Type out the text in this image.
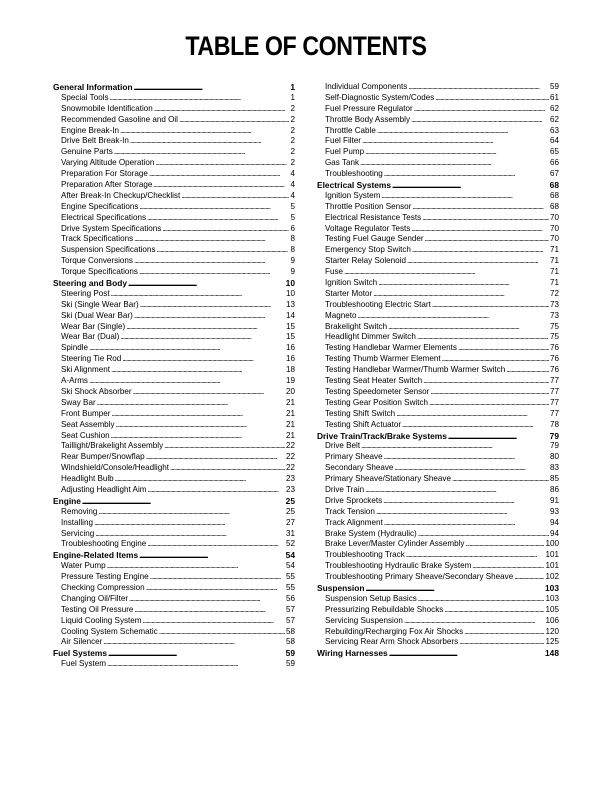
TABLE OF CONTENTS
General Information . . .	1
Special Tools . . .	1
Snowmobile Identification . . .	2
Recommended Gasoline and Oil . . .	2
Engine Break-In . . .	2
Drive Belt Break-In . . .	2
Genuine Parts . . .	2
Varying Altitude Operation . . .	2
Preparation For Storage . . .	4
Preparation After Storage . . .	4
After Break-In Checkup/Checklist . . .	4
Engine Specifications . . .	5
Electrical Specifications . . .	5
Drive System Specifications . . .	6
Track Specifications . . .	8
Suspension Specifications . . .	8
Torque Conversions . . .	9
Torque Specifications . . .	9
Steering and Body . . .	10
Steering Post . . .	10
Ski (Single Wear Bar) . . .	13
Ski (Dual Wear Bar) . . .	14
Wear Bar (Single) . . .	15
Wear Bar (Dual) . . .	15
Spindle . . .	16
Steering Tie Rod . . .	16
Ski Alignment . . .	18
A-Arms . . .	19
Ski Shock Absorber . . .	20
Sway Bar . . .	21
Front Bumper . . .	21
Seat Assembly . . .	21
Seat Cushion . . .	21
Taillight/Brakelight Assembly . . .	22
Rear Bumper/Snowflap . . .	22
Windshield/Console/Headlight . . .	22
Headlight Bulb . . .	23
Adjusting Headlight Aim . . .	23
Engine . . .	25
Removing . . .	25
Installing . . .	27
Servicing . . .	31
Troubleshooting Engine . . .	52
Engine-Related Items . . .	54
Water Pump . . .	54
Pressure Testing Engine . . .	55
Checking Compression . . .	55
Changing Oil/Filter . . .	56
Testing Oil Pressure . . .	57
Liquid Cooling System . . .	57
Cooling System Schematic . . .	58
Air Silencer . . .	58
Fuel Systems . . .	59
Fuel System . . .	59
Individual Components . . .	59
Self-Diagnostic System/Codes . . .	61
Fuel Pressure Regulator . . .	62
Throttle Body Assembly . . .	62
Throttle Cable . . .	63
Fuel Filter . . .	64
Fuel Pump . . .	65
Gas Tank . . .	66
Troubleshooting . . .	67
Electrical Systems . . .	68
Ignition System . . .	68
Throttle Position Sensor . . .	68
Electrical Resistance Tests . . .	70
Voltage Regulator Tests . . .	70
Testing Fuel Gauge Sender . . .	70
Emergency Stop Switch . . .	71
Starter Relay Solenoid . . .	71
Fuse . . .	71
Ignition Switch . . .	71
Starter Motor . . .	72
Troubleshooting Electric Start . . .	73
Magneto . . .	73
Brakelight Switch . . .	75
Headlight Dimmer Switch . . .	75
Testing Handlebar Warmer Elements . . .	76
Testing Thumb Warmer Element . . .	76
Testing Handlebar Warmer/Thumb Warmer Switch . . .	76
Testing Seat Heater Switch . . .	77
Testing Speedometer Sensor . . .	77
Testing Gear Position Switch . . .	77
Testing Shift Switch . . .	77
Testing Shift Actuator . . .	78
Drive Train/Track/Brake Systems . . .	79
Drive Belt . . .	79
Primary Sheave . . .	80
Secondary Sheave . . .	83
Primary Sheave/Stationary Sheave . . .	85
Drive Train . . .	86
Drive Sprockets . . .	91
Track Tension . . .	93
Track Alignment . . .	94
Brake System (Hydraulic) . . .	94
Brake Lever/Master Cylinder Assembly . . .	100
Troubleshooting Track . . .	101
Troubleshooting Hydraulic Brake System . . .	101
Troubleshooting Primary Sheave/Secondary Sheave . . .	102
Suspension . . .	103
Suspension Setup Basics . . .	103
Pressurizing Rebuildable Shocks . . .	105
Servicing Suspension . . .	106
Rebuilding/Recharging Fox Air Shocks . . .	120
Servicing Rear Arm Shock Absorbers . . .	125
Wiring Harnesses . . .	148
